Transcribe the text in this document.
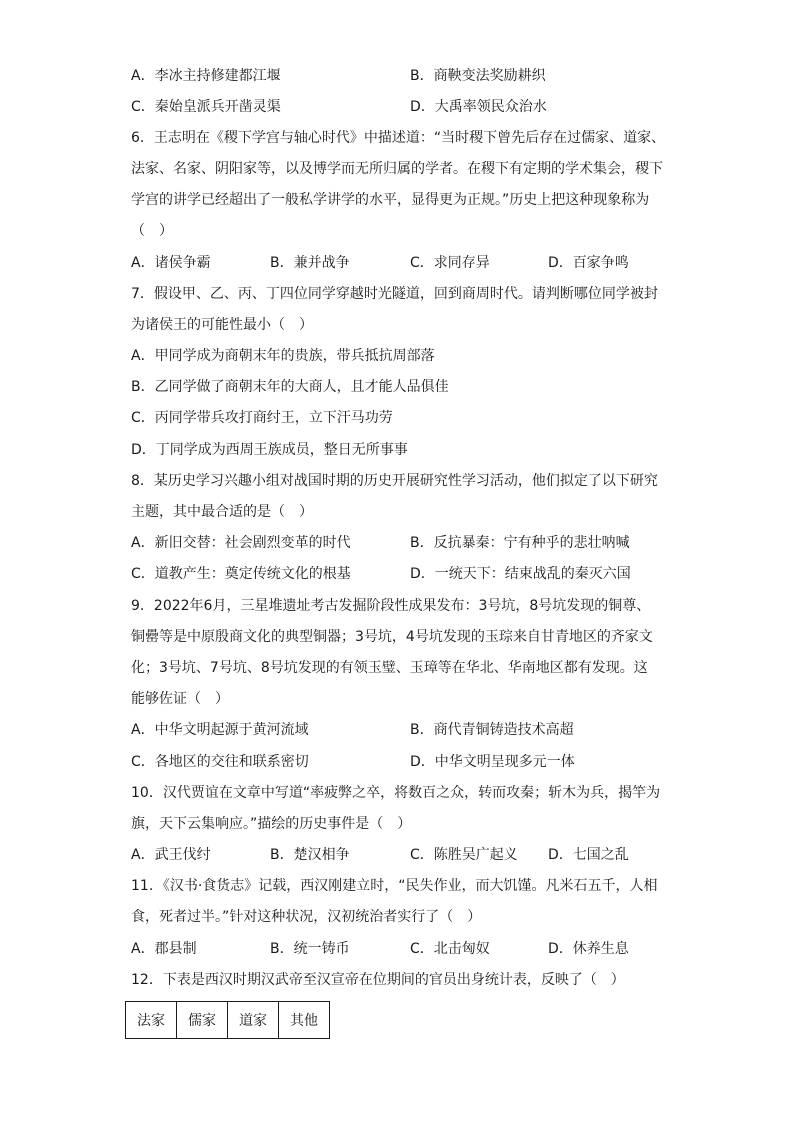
A．李冰主持修建都江堰	B．商鞅变法奖励耕织
C．秦始皇派兵开凿灵渠	D．大禹率领民众治水
6．王志明在《稷下学宫与轴心时代》中描述道：“当时稷下曾先后存在过儒家、道家、
法家、名家、阴阳家等，以及博学而无所归属的学者。在稷下有定期的学术集会，稷下
学宫的讲学已经超出了一般私学讲学的水平，显得更为正规。”历史上把这种现象称为
（　）
A．诸侯争霸	B．兼并战争	C．求同存异	D．百家争鸣
7．假设甲、乙、丙、丁四位同学穿越时光隧道，回到商周时代。请判断哪位同学被封
为诸侯王的可能性最小（　）
A．甲同学成为商朝末年的贵族，带兵抵抗周部落
B．乙同学做了商朝末年的大商人，且才能人品俱佳
C．丙同学带兵攻打商纣王，立下汗马功劳
D．丁同学成为西周王族成员，整日无所事事
8．某历史学习兴趣小组对战国时期的历史开展研究性学习活动，他们拟定了以下研究
主题，其中最合适的是（　）
A．新旧交替：社会剧烈变革的时代	B．反抗暴秦：宁有种乎的悲壮呐喊
C．道教产生：奠定传统文化的根基	D．一统天下：结束战乱的秦灭六国
9．2022年6月，三星堆遗址考古发掘阶段性成果发布：3号坑，8号坑发现的铜尊、
铜罍等是中原殷商文化的典型铜器；3号坑，4号坑发现的玉琮来自甘青地区的齐家文
化；3号坑、7号坑、8号坑发现的有领玉璧、玉璋等在华北、华南地区都有发现。这
能够佐证（　）
A．中华文明起源于黄河流域	B．商代青铜铸造技术高超
C．各地区的交往和联系密切	D．中华文明呈现多元一体
10．汉代贾谊在文章中写道“率疲弊之卒，将数百之众，转而攻秦；斩木为兵，揭竿为
旗，天下云集响应。”描绘的历史事件是（　）
A．武王伐纣	B．楚汉相争	C．陈胜吴广起义 D．七国之乱
11．《汉书·食货志》记载，西汉刚建立时，“民失作业，而大饥馑。凡米石五千，人相
食，死者过半。”针对这种状况，汉初统治者实行了（　）
A．郡县制	B．统一铸币	C．北击匈奴	D．休养生息
12．下表是西汉时期汉武帝至汉宣帝在位期间的官员出身统计表，反映了（　）
法家	儒家	道家	其他
